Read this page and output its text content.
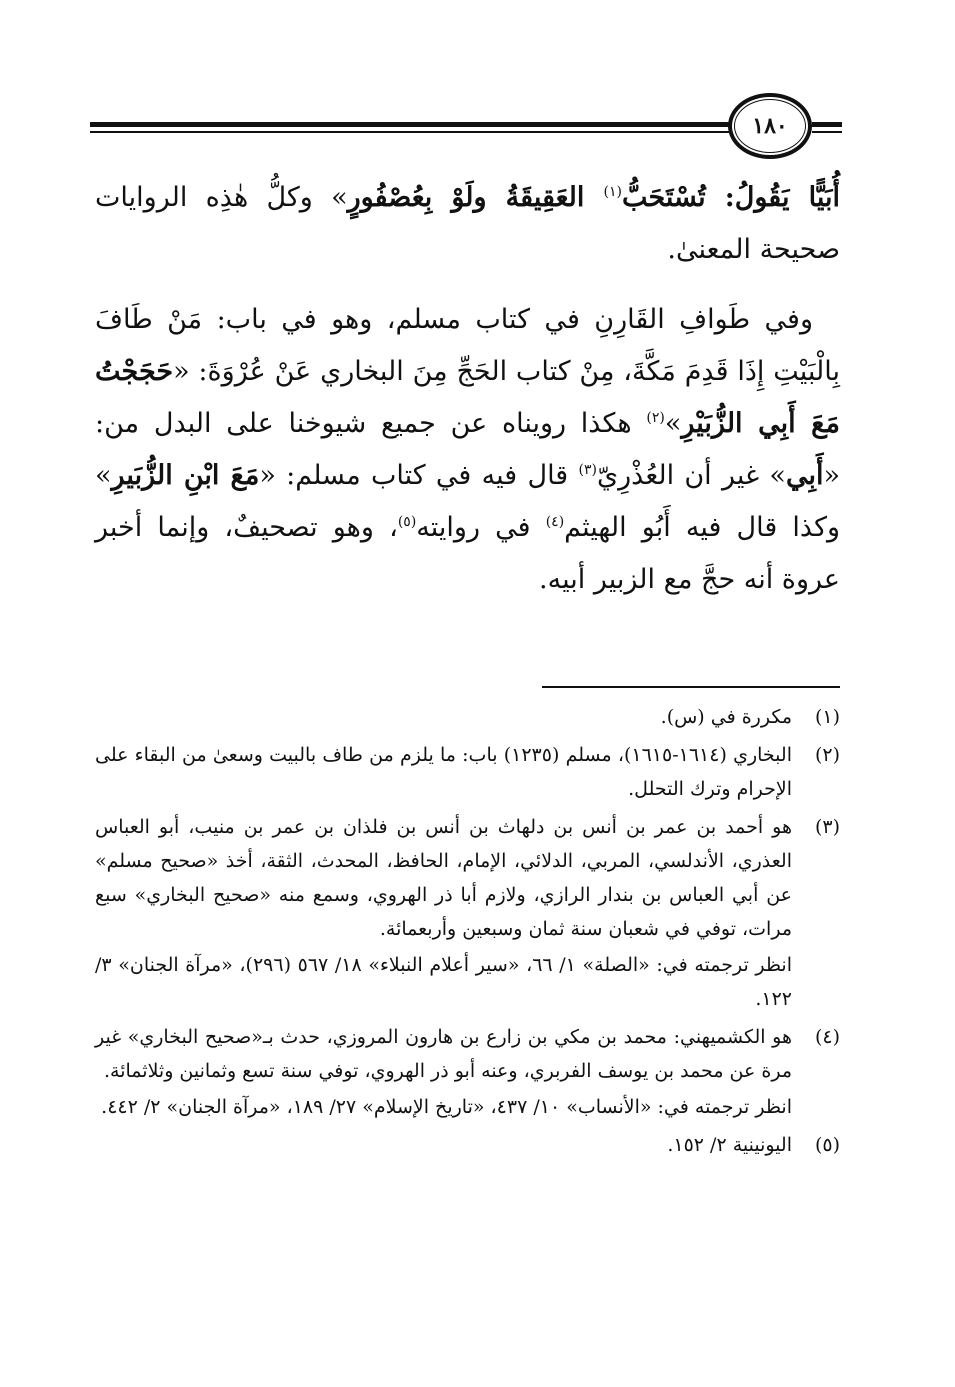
١٨٠

أُبَيًّا يَقُولُ: تُسْتَحَبُّ$^{(١)}$ العَقِيقَةُ ولَوْ بِعُصْفُورٍ» وكلُّ هٰذِه الروايات صحيحة المعنىٰ.

 وفي طَوافِ القَارِنِ في كتاب مسلم، وهو في باب: مَنْ طَافَ بِالْبَيْتِ إِذَا قَدِمَ مَكَّةَ، مِنْ كتاب الحَجِّ مِنَ البخاري عَنْ عُرْوَةَ: «حَجَجْتُ مَعَ أَبِي الزُّبَيْرِ»$^{(٢)}$ هكذا رويناه عن جميع شيوخنا على البدل من: «أَبِي» غير أن العُذْرِيّ$^{(٣)}$ قال فيه في كتاب مسلم: «مَعَ ابْنِ الزُّبَيرِ» وكذا قال فيه أَبُو الهيثم$^{(٤)}$ في روايته$^{(٥)}$، وهو تصحيفٌ، وإنما أخبر عروة أنه حجَّ مع الزبير أبيه.

(١)

مكررة في (س).

(٢)

البخاري (١٦١٤-١٦١٥)، مسلم (١٢٣٥) باب: ما يلزم من طاف بالبيت وسعىٰ من البقاء على الإحرام وترك التحلل.

(٣)

هو أحمد بن عمر بن أنس بن دلهاث بن أنس بن فلذان بن عمر بن منيب، أبو العباس العذري، الأندلسي، المربي، الدلائي، الإمام، الحافظ، المحدث، الثقة، أخذ «صحيح مسلم» عن أبي العباس بن بندار الرازي، ولازم أبا ذر الهروي، وسمع منه «صحيح البخاري» سبع مرات، توفي في شعبان سنة ثمان وسبعين وأربعمائة.

انظر ترجمته في: «الصلة» ١/ ٦٦، «سير أعلام النبلاء» ١٨/ ٥٦٧ (٢٩٦)، «مرآة الجنان» ٣/ ١٢٢.

(٤)

هو الكشميهني: محمد بن مكي بن زارع بن هارون المروزي، حدث بـ«صحيح البخاري» غير مرة عن محمد بن يوسف الفربري، وعنه أبو ذر الهروي، توفي سنة تسع وثمانين وثلاثمائة.

انظر ترجمته في: «الأنساب» ١٠/ ٤٣٧، «تاريخ الإسلام» ٢٧/ ١٨٩، «مرآة الجنان» ٢/ ٤٤٢.

(٥)

اليونينية ٢/ ١٥٢.
